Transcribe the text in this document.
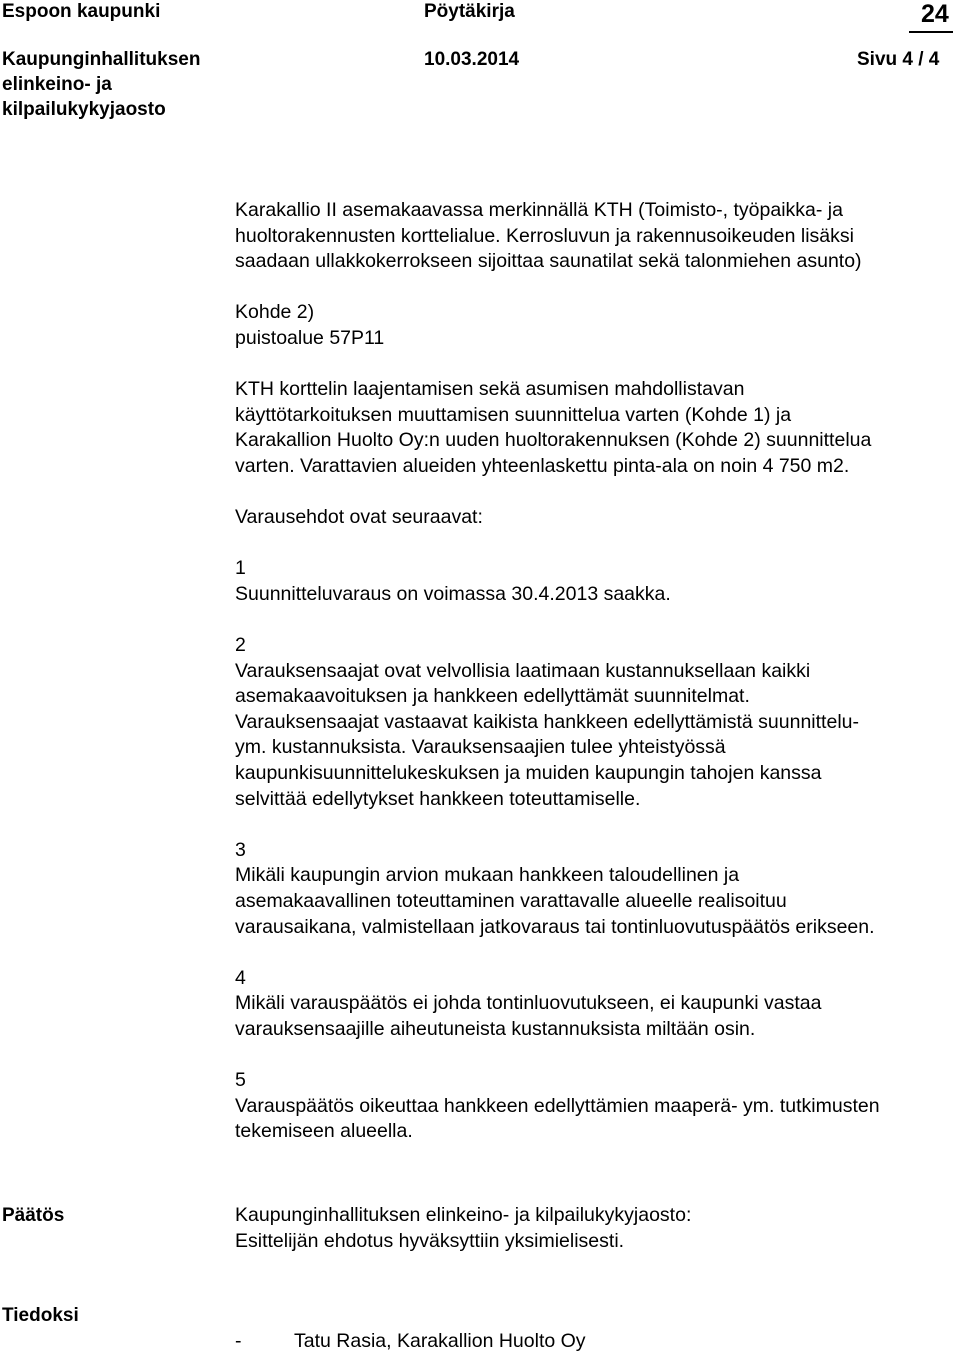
Espoon kaupunki	Pöytäkirja	24
Kaupunginhallituksen
elinkeino- ja
kilpailukykyjaosto
10.03.2014	Sivu 4 / 4

Karakallio II asemakaavassa merkinnällä KTH (Toimisto-, työpaikka- ja

huoltorakennusten korttelialue. Kerrosluvun ja rakennusoikeuden lisäksi

saadaan ullakkokerrokseen sijoittaa saunatilat sekä talonmiehen asunto)

Kohde 2)

puistoalue 57P11

KTH korttelin laajentamisen sekä asumisen mahdollistavan

käyttötarkoituksen muuttamisen suunnittelua varten (Kohde 1) ja

Karakallion Huolto Oy:n uuden huoltorakennuksen (Kohde 2) suunnittelua

varten. Varattavien alueiden yhteenlaskettu pinta-ala on noin 4 750 m2.

Varausehdot ovat seuraavat:

1

Suunnitteluvaraus on voimassa 30.4.2013 saakka.

2

Varauksensaajat ovat velvollisia laatimaan kustannuksellaan kaikki

asemakaavoituksen ja hankkeen edellyttämät suunnitelmat.

Varauksensaajat vastaavat kaikista hankkeen edellyttämistä suunnittelu-

ym. kustannuksista. Varauksensaajien tulee yhteistyössä

kaupunkisuunnittelukeskuksen ja muiden kaupungin tahojen kanssa

selvittää edellytykset hankkeen toteuttamiselle.

3

Mikäli kaupungin arvion mukaan hankkeen taloudellinen ja

asemakaavallinen toteuttaminen varattavalle alueelle realisoituu

varausaikana, valmistellaan jatkovaraus tai tontinluovutuspäätös erikseen.

4

Mikäli varauspäätös ei johda tontinluovutukseen, ei kaupunki vastaa

varauksensaajille aiheutuneista kustannuksista miltään osin.

5

Varauspäätös oikeuttaa hankkeen edellyttämien maaperä- ym. tutkimusten

tekemiseen alueella.

Päätös	Kaupunginhallituksen elinkeino- ja kilpailukykyjaosto:
Esittelijän ehdotus hyväksyttiin yksimielisesti.
Tiedoksi
-	Tatu Rasia, Karakallion Huolto Oy
